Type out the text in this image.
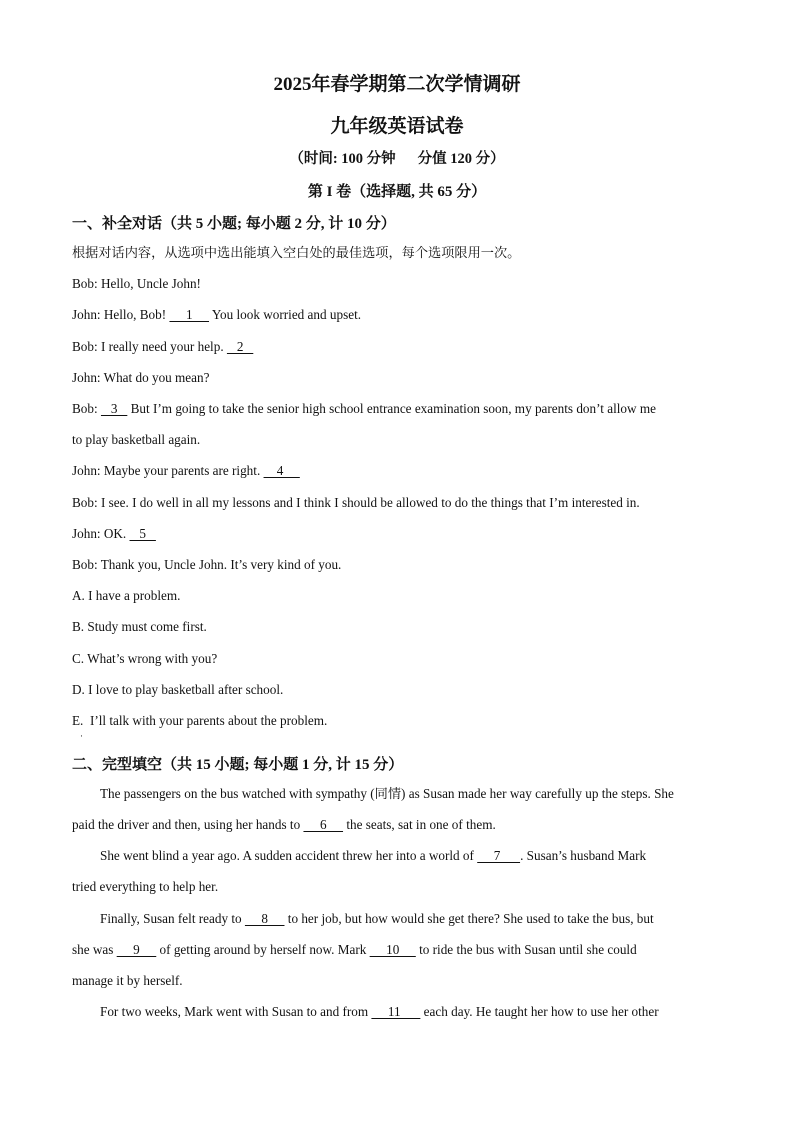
2025年春学期第二次学情调研
九年级英语试卷
（时间: 100 分钟 分值 120 分）
第 I 卷（选择题, 共 65 分）
一、补全对话（共 5 小题; 每小题 2 分, 计 10 分）
根据对话内容，从选项中选出能填入空白处的最佳选项，每个选项限用一次。
Bob: Hello, Uncle John!
John: Hello, Bob!      1      You look worried and upset.
Bob: I really need your help.    2
John: What do you mean?
Bob:    3    But I’m going to take the senior high school entrance examination soon, my parents don’t allow me
to play basketball again.
John: Maybe your parents are right.     4
Bob: I see. I do well in all my lessons and I think I should be allowed to do the things that I’m interested in.
John: OK.    5
Bob: Thank you, Uncle John. It’s very kind of you.
A. I have a problem.
B. Study must come first.
C. What’s wrong with you?
D. I love to play basketball after school.
E.  I’ll talk with your parents about the problem.
·
二、完型填空（共 15 小题; 每小题 1 分, 计 15 分）
The passengers on the bus watched with sympathy (同情) as Susan made her way carefully up the steps. She
paid the driver and then, using her hands to      6      the seats, sat in one of them.
She went blind a year ago. A sudden accident threw her into a world of      7      . Susan’s husband Mark
tried everything to help her.
Finally, Susan felt ready to      8      to her job, but how would she get there? She used to take the bus, but
she was      9      of getting around by herself now. Mark      10      to ride the bus with Susan until she could
manage it by herself.
For two weeks, Mark went with Susan to and from      11       each day. He taught her how to use her other
